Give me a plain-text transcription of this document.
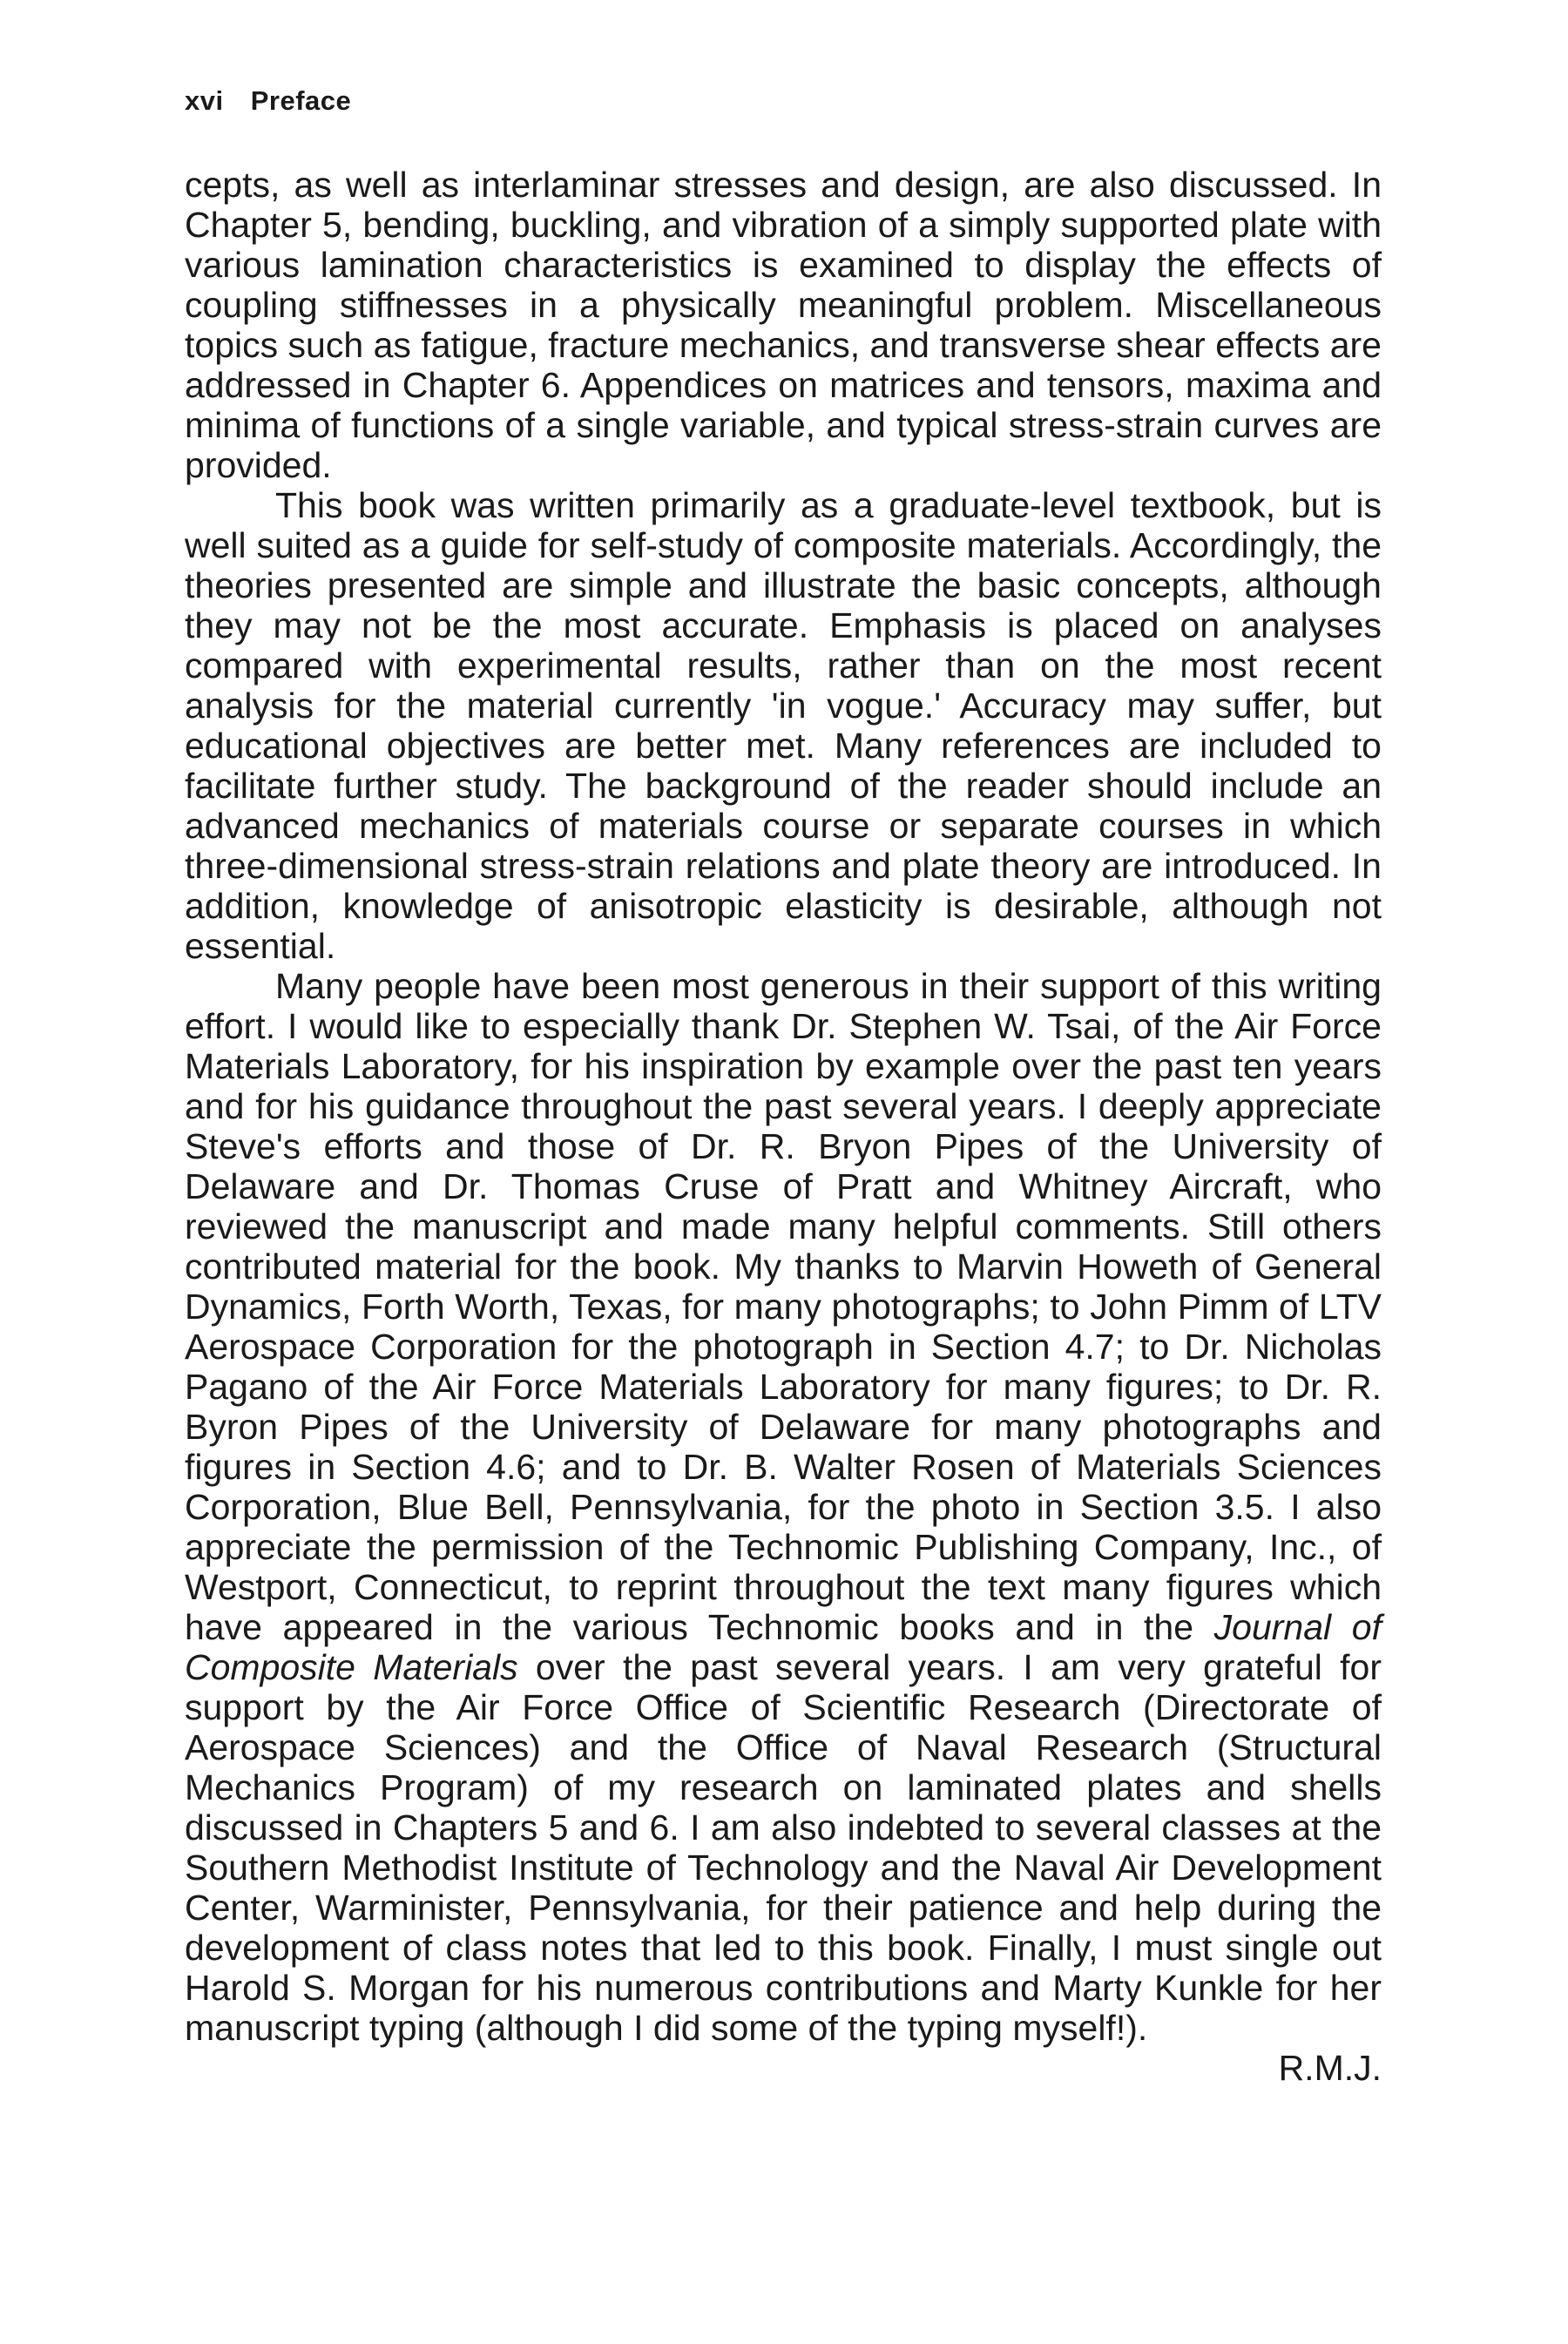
xvi Preface

cepts, as well as interlaminar stresses and design, are also discussed. In Chapter 5, bending, buckling, and vibration of a simply supported plate with various lamination characteristics is examined to display the effects of coupling stiffnesses in a physically meaningful problem. Miscellaneous topics such as fatigue, fracture mechanics, and transverse shear effects are addressed in Chapter 6. Appendices on matrices and tensors, maxima and minima of functions of a single variable, and typical stress-strain curves are provided.

This book was written primarily as a graduate-level textbook, but is well suited as a guide for self-study of composite materials. Accordingly, the theories presented are simple and illustrate the basic concepts, although they may not be the most accurate. Emphasis is placed on analyses compared with experimental results, rather than on the most recent analysis for the material currently 'in vogue.' Accuracy may suffer, but educational objectives are better met. Many references are included to facilitate further study. The background of the reader should include an advanced mechanics of materials course or separate courses in which three-dimensional stress-strain relations and plate theory are introduced. In addition, knowledge of anisotropic elasticity is desirable, although not essential.

Many people have been most generous in their support of this writing effort. I would like to especially thank Dr. Stephen W. Tsai, of the Air Force Materials Laboratory, for his inspiration by example over the past ten years and for his guidance throughout the past several years. I deeply appreciate Steve's efforts and those of Dr. R. Bryon Pipes of the University of Delaware and Dr. Thomas Cruse of Pratt and Whitney Aircraft, who reviewed the manuscript and made many helpful comments. Still others contributed material for the book. My thanks to Marvin Howeth of General Dynamics, Forth Worth, Texas, for many photographs; to John Pimm of LTV Aerospace Corporation for the photograph in Section 4.7; to Dr. Nicholas Pagano of the Air Force Materials Laboratory for many figures; to Dr. R. Byron Pipes of the University of Delaware for many photographs and figures in Section 4.6; and to Dr. B. Walter Rosen of Materials Sciences Corporation, Blue Bell, Pennsylvania, for the photo in Section 3.5. I also appreciate the permission of the Technomic Publishing Company, Inc., of Westport, Connecticut, to reprint throughout the text many figures which have appeared in the various Technomic books and in the Journal of Composite Materials over the past several years. I am very grateful for support by the Air Force Office of Scientific Research (Directorate of Aerospace Sciences) and the Office of Naval Research (Structural Mechanics Program) of my research on laminated plates and shells discussed in Chapters 5 and 6. I am also indebted to several classes at the Southern Methodist Institute of Technology and the Naval Air Development Center, Warminister, Pennsylvania, for their patience and help during the development of class notes that led to this book. Finally, I must single out Harold S. Morgan for his numerous contributions and Marty Kunkle for her manuscript typing (although I did some of the typing myself!).

R.M.J.
